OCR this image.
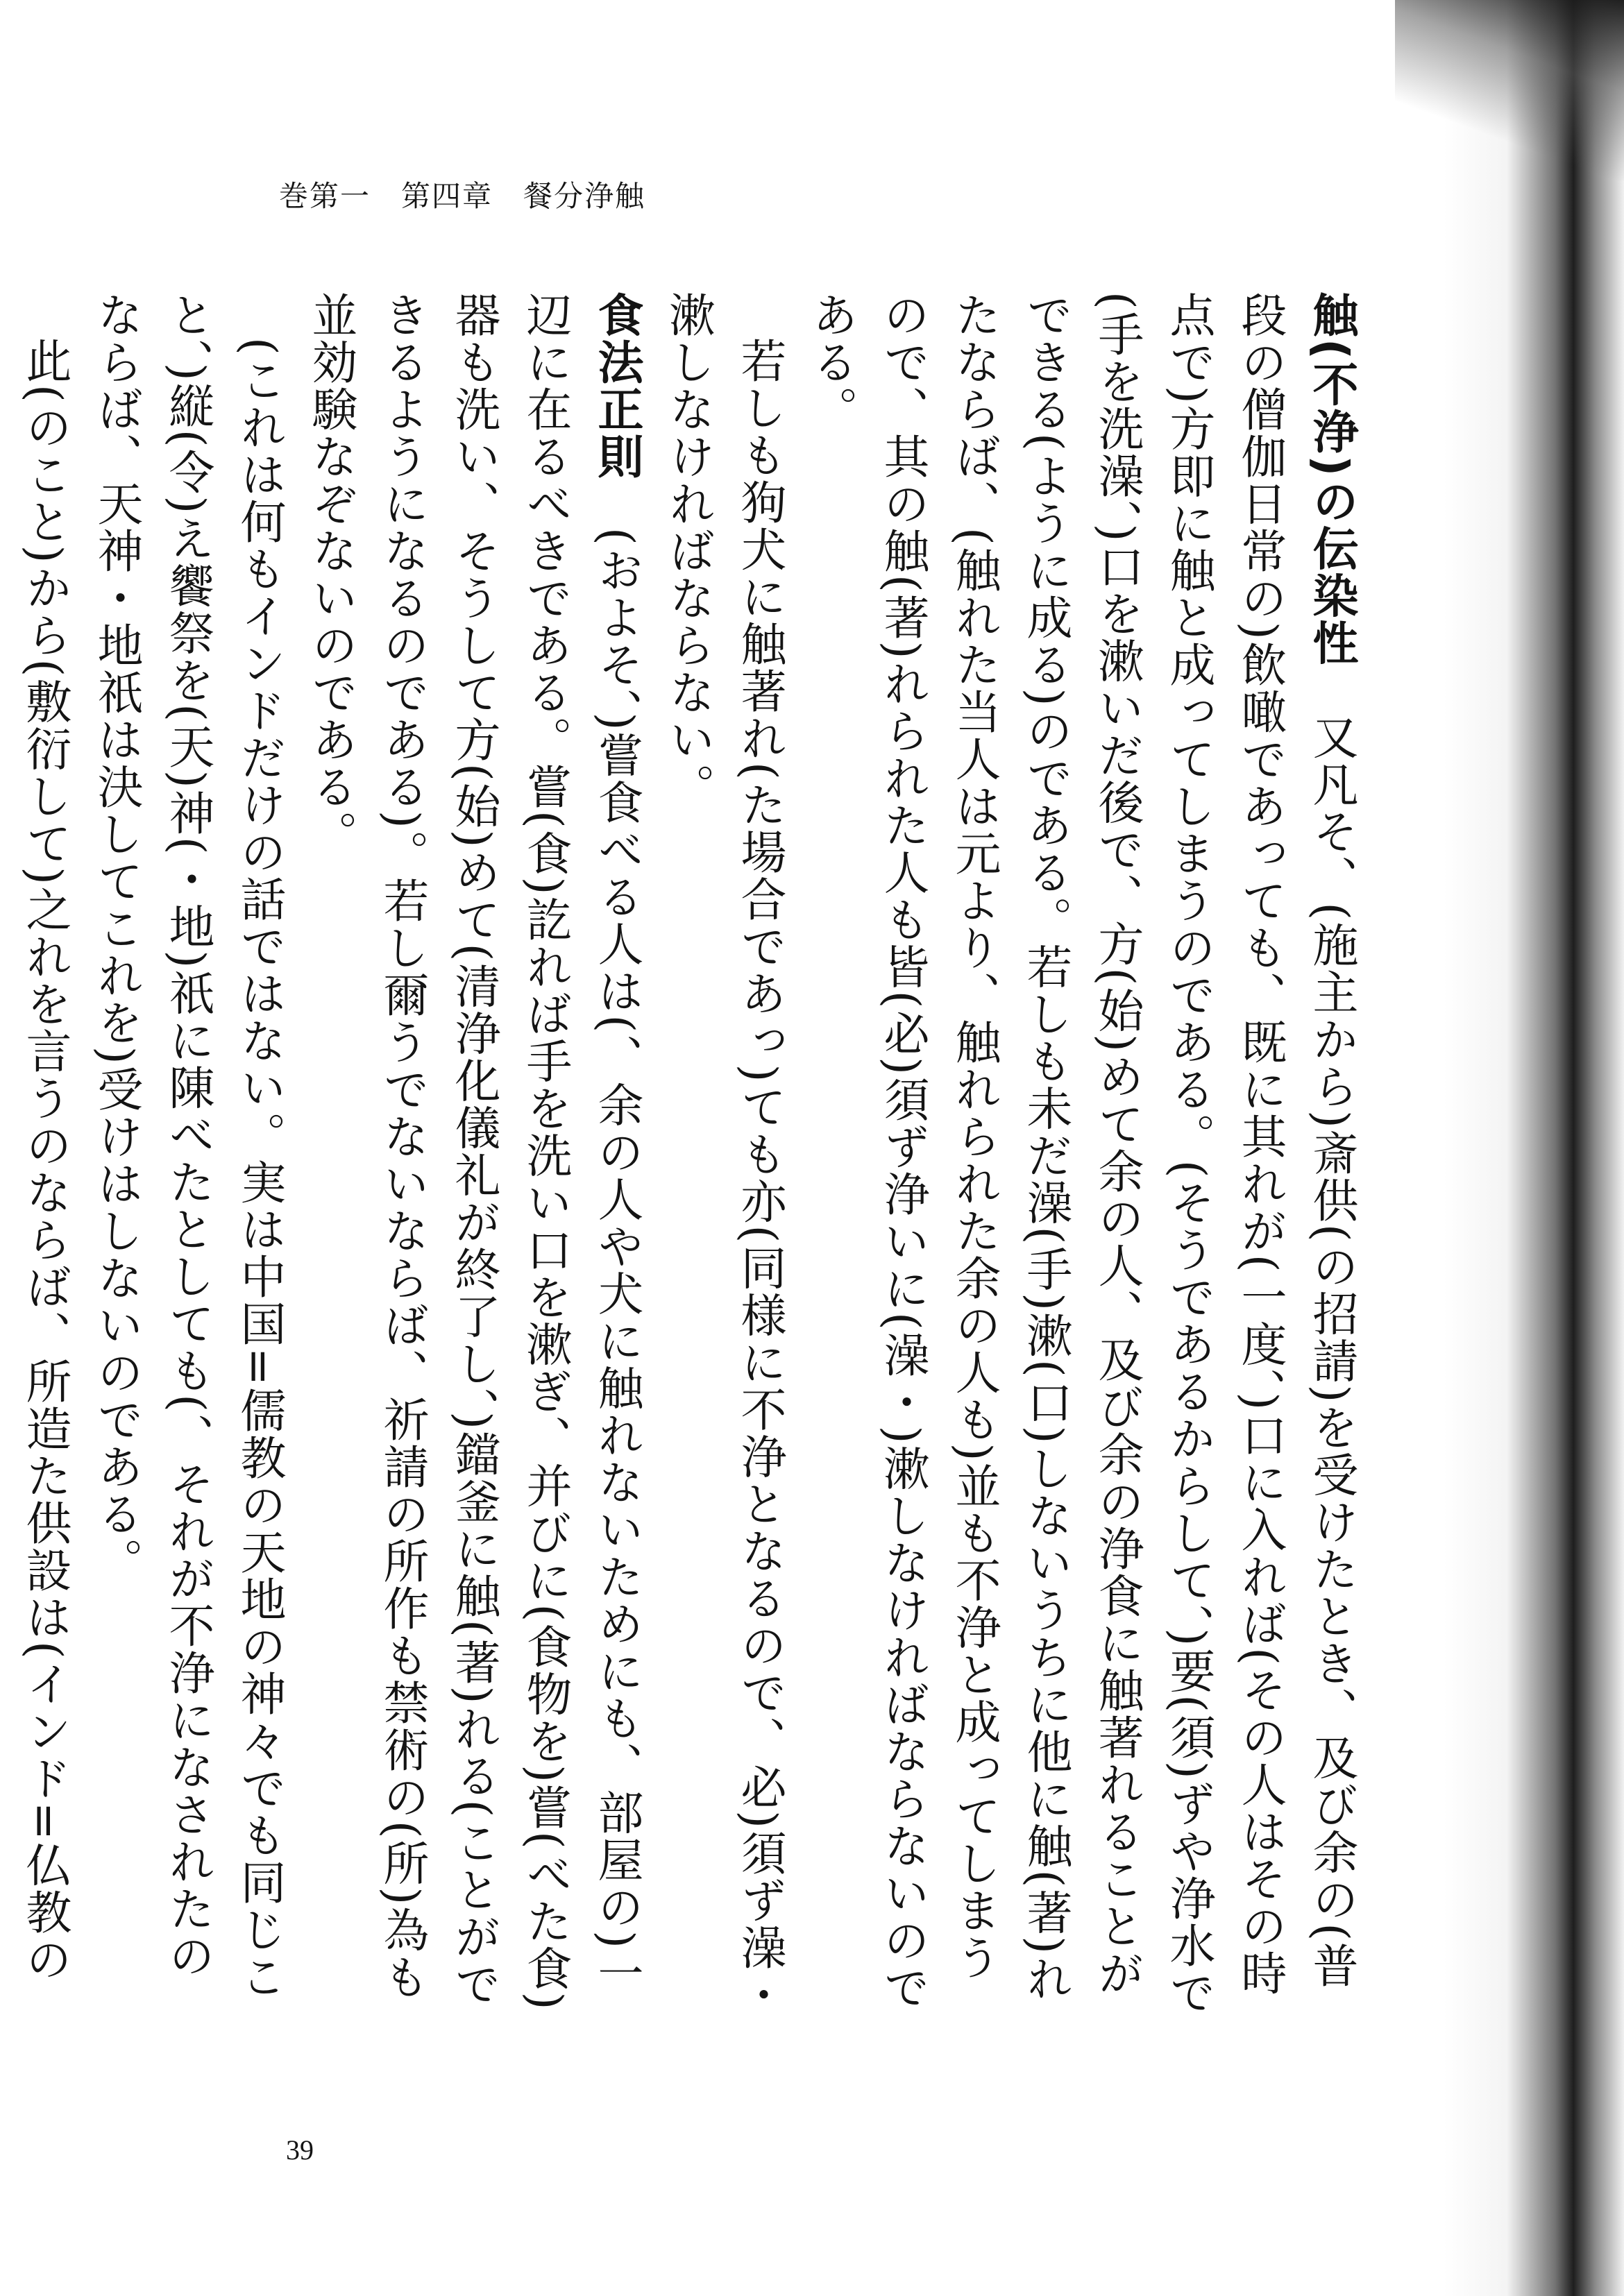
巻第一　第四章　餐分浄触

触(不浄)の伝染性　又凡そ、(施主から)斎供(の招請)を受けたとき、及び余の(普段の僧伽日常の)飲噉であっても、既に其れが(一度、)口に入れば(その人はその時点で)方即に触と成ってしまうのである。(そうであるからして、)要(須)ずや浄水で(手を洗澡、)口を漱いだ後で、方(始)めて余の人、及び余の浄食に触著れることができる(ように成る)のである。若しも未だ澡(手)漱(口)しないうちに他に触(著)れたならば、(触れた当人は元より、触れられた余の人も)並も不浄と成ってしまうので、其の触(著)れられた人も皆(必)須ず浄いに(澡・)漱しなければならないのである。

若しも狗犬に触著れ(た場合であっ)ても亦(同様に不浄となるので、必)須ず澡・漱しなければならない。

食法正則　(およそ、)嘗食べる人は(、余の人や犬に触れないためにも、部屋の)一辺に在るべきである。嘗(食)訖れば手を洗い口を漱ぎ、并びに(食物を)嘗(べた食)器も洗い、そうして方(始)めて(清浄化儀礼が終了し、)鐺釜に触(著)れる(ことができるようになるのである)。若し爾うでないならば、祈請の所作も禁術の(所)為も並効験なぞないのである。

(これは何もインドだけの話ではない。実は中国=儒教の天地の神々でも同じこと、)縦(令)え饗祭を(天)神(・地)祇に陳べたとしても(、それが不浄になされたのならば、天神・地祇は決してこれを)受けはしないのである。

此(のこと)から(敷衍して)之れを言うのならば、所造た供設は(インド=仏教の

39
